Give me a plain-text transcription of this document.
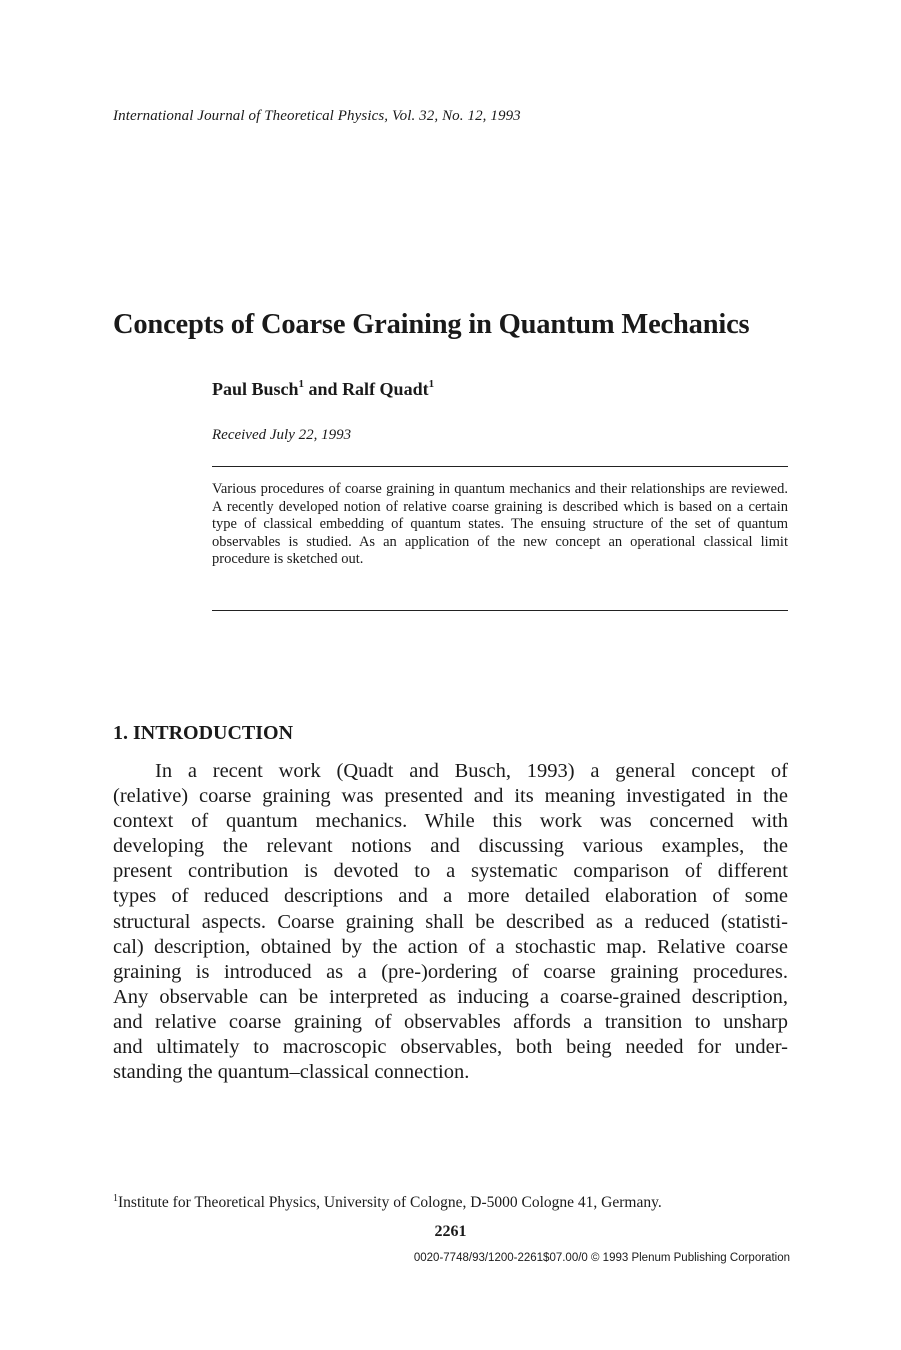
International Journal of Theoretical Physics, Vol. 32, No. 12, 1993
Concepts of Coarse Graining in Quantum Mechanics
Paul Busch$^1$ and Ralf Quadt$^1$
Received July 22, 1993
Various procedures of coarse graining in quantum mechanics and their relationships are reviewed. A recently developed notion of relative coarse graining is described which is based on a certain type of classical embedding of quantum states. The ensuing structure of the set of quantum observables is studied. As an application of the new concept an operational classical limit procedure is sketched out.
1. INTRODUCTION
In a recent work (Quadt and Busch, 1993) a general concept of
(relative) coarse graining was presented and its meaning investigated in the
context of quantum mechanics. While this work was concerned with
developing the relevant notions and discussing various examples, the
present contribution is devoted to a systematic comparison of different
types of reduced descriptions and a more detailed elaboration of some
structural aspects. Coarse graining shall be described as a reduced (statisti-
cal) description, obtained by the action of a stochastic map. Relative coarse
graining is introduced as a (pre-)ordering of coarse graining procedures.
Any observable can be interpreted as inducing a coarse-grained description,
and relative coarse graining of observables affords a transition to unsharp
and ultimately to macroscopic observables, both being needed for under-
standing the quantum–classical connection.
$^1$Institute for Theoretical Physics, University of Cologne, D-5000 Cologne 41, Germany.
2261
0020-7748/93/1200-2261$07.00/0 © 1993 Plenum Publishing Corporation
